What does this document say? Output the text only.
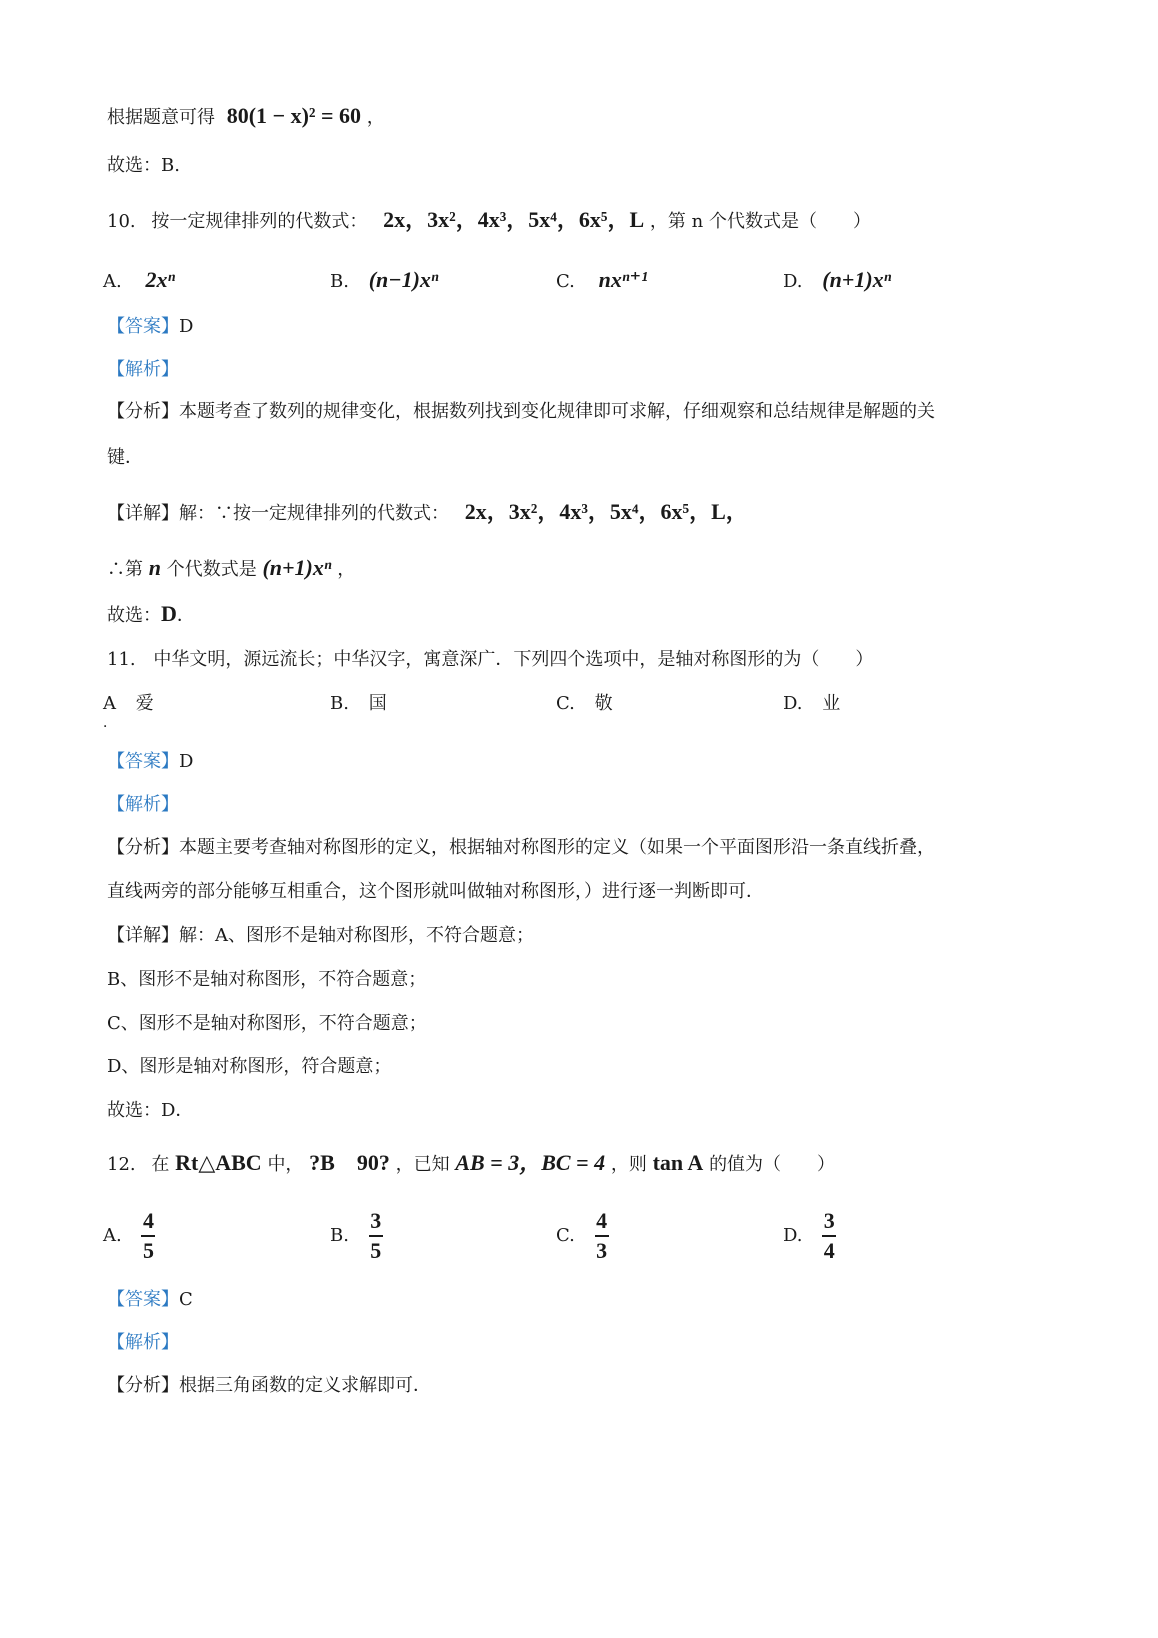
根据题意可得 80(1 − x)² = 60 ，
故选：B.
10. 按一定规律排列的代数式： 2x，3x²，4x³，5x⁴，6x⁵，L ，第 n 个代数式是（　　）
A. 2xⁿ	B. (n−1)xⁿ	C. nxⁿ⁺¹	D. (n+1)xⁿ
【答案】D
【解析】
【分析】本题考查了数列的规律变化，根据数列找到变化规律即可求解，仔细观察和总结规律是解题的关
键．
【详解】解：∵按一定规律排列的代数式： 2x，3x²，4x³，5x⁴，6x⁵，L，
∴第 n 个代数式是 (n+1)xⁿ ，
故选：D．
11. 中华文明，源远流长；中华汉字，寓意深广．下列四个选项中，是轴对称图形的为（　　）
A 爱
．
B. 国	C. 敬	D. 业
【答案】D
【解析】
【分析】本题主要考查轴对称图形的定义，根据轴对称图形的定义（如果一个平面图形沿一条直线折叠，
直线两旁的部分能够互相重合，这个图形就叫做轴对称图形，）进行逐一判断即可．
【详解】解：A、图形不是轴对称图形，不符合题意；
B、图形不是轴对称图形，不符合题意；
C、图形不是轴对称图形，不符合题意；
D、图形是轴对称图形，符合题意；
故选：D．
12. 在 Rt△ABC 中， ?B　90? ，已知 AB = 3，BC = 4 ，则 tan A 的值为（　　）
A. $\frac{4}{5}$	B. $\frac{3}{5}$	C. $\frac{4}{3}$	D. $\frac{3}{4}$
【答案】C
【解析】
【分析】根据三角函数的定义求解即可．
